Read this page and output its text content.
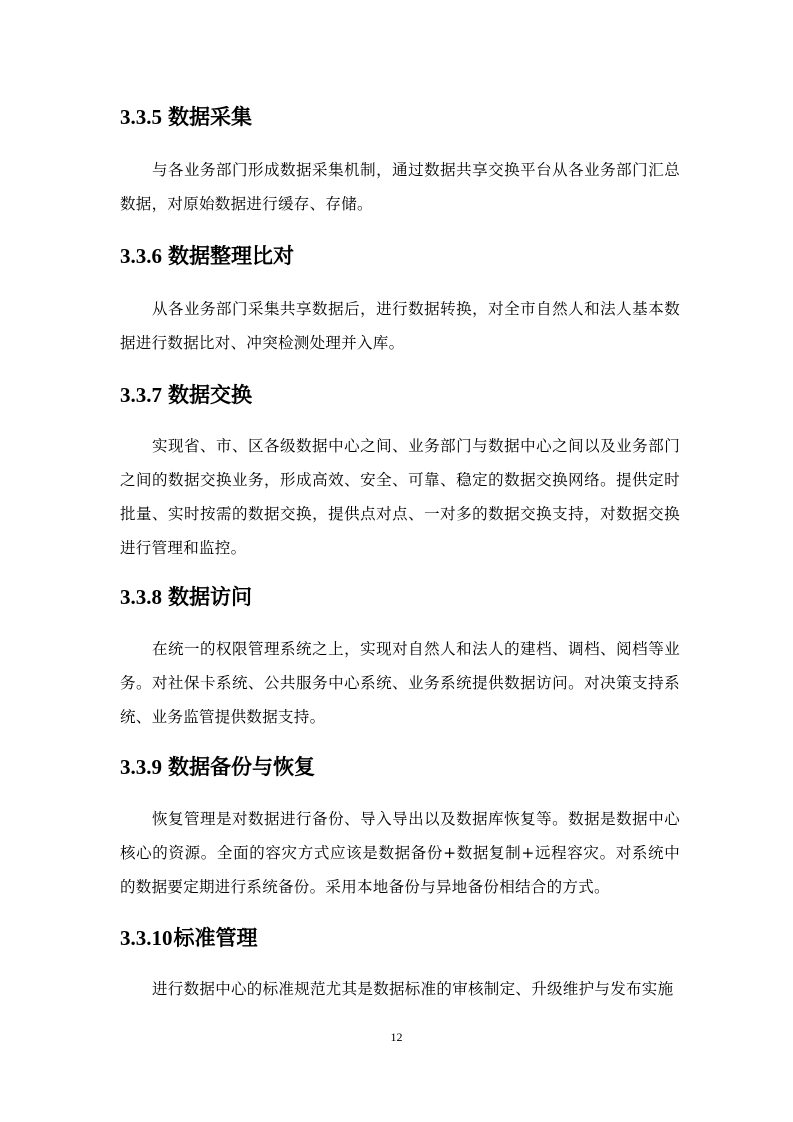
3.3.5 数据采集

与各业务部门形成数据采集机制，通过数据共享交换平台从各业务部门汇总数据，对原始数据进行缓存、存储。

3.3.6 数据整理比对

从各业务部门采集共享数据后，进行数据转换，对全市自然人和法人基本数据进行数据比对、冲突检测处理并入库。

3.3.7 数据交换

实现省、市、区各级数据中心之间、业务部门与数据中心之间以及业务部门之间的数据交换业务，形成高效、安全、可靠、稳定的数据交换网络。提供定时批量、实时按需的数据交换，提供点对点、一对多的数据交换支持，对数据交换进行管理和监控。

3.3.8 数据访问

在统一的权限管理系统之上，实现对自然人和法人的建档、调档、阅档等业务。对社保卡系统、公共服务中心系统、业务系统提供数据访问。对决策支持系统、业务监管提供数据支持。

3.3.9 数据备份与恢复

恢复管理是对数据进行备份、导入导出以及数据库恢复等。数据是数据中心核心的资源。全面的容灾方式应该是数据备份+数据复制+远程容灾。对系统中的数据要定期进行系统备份。采用本地备份与异地备份相结合的方式。

3.3.10标准管理

进行数据中心的标准规范尤其是数据标准的审核制定、升级维护与发布实施

12
